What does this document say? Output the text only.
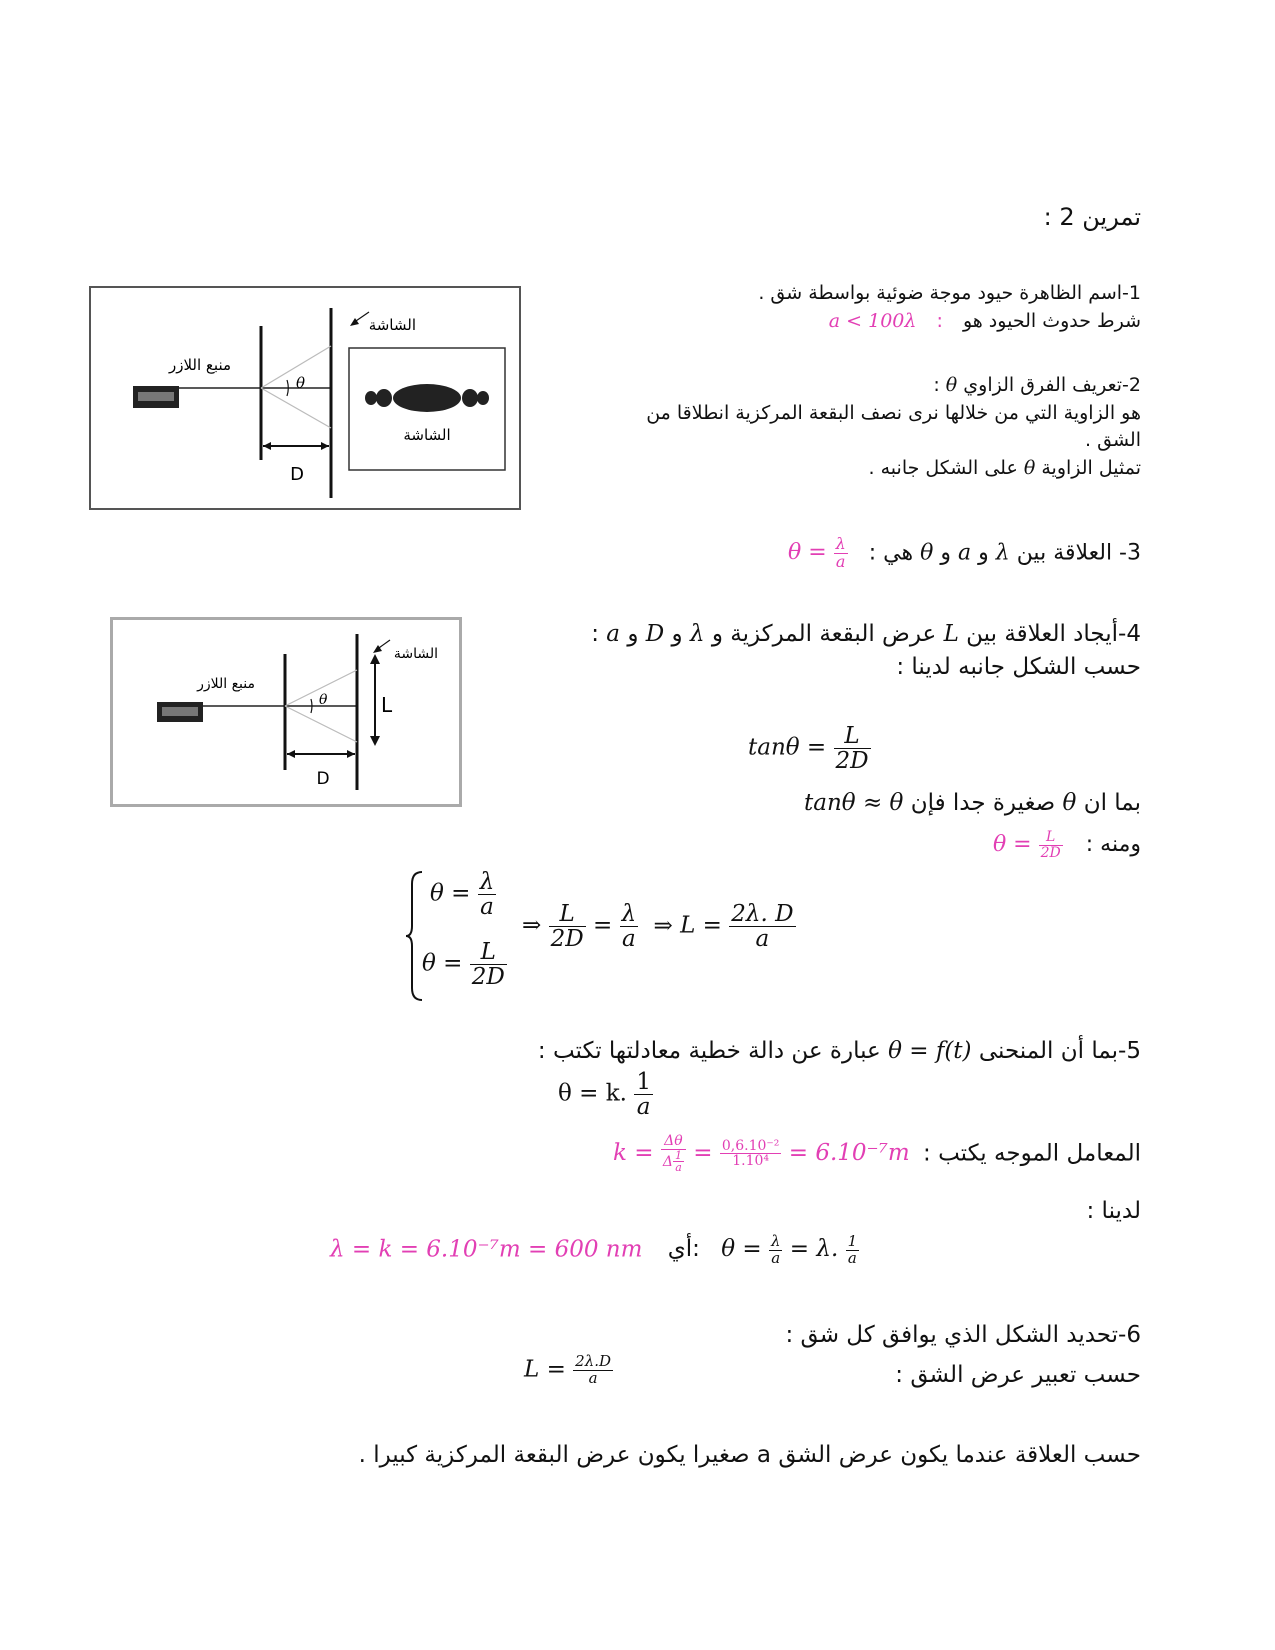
تمرين 2 :
1-اسم الظاهرة حيود موجة ضوئية بواسطة شق .
شرط حدوث الحيود هو : a < 100λ
2-تعريف الفرق الزاوي θ :
هو الزاوية التي من خلالها نرى نصف البقعة المركزية انطلاقا من
الشق .
تمثيل الزاوية θ على الشكل جانبه .
θ
D
منبع اللازر
الشاشة
الشاشة
3- العلاقة بين λ و a و θ هي : $\theta = \frac{\lambda}{a}$
4-أيجاد العلاقة بين L عرض البقعة المركزية و λ و D و a :
حسب الشكل جانبه لدينا :
θ	L
D
منبع اللازر
الشاشة
$\tan\theta = \frac{L}{2D}$
بما ان θ صغيرة جدا فإن tanθ ≈ θ
ومنه : $\theta = \frac{L}{2D}$
$\theta = \frac{\lambda}{a}$
$\theta = \frac{L}{2D}$
⇒ $\frac{L}{2D} = \frac{\lambda}{a}$ ⇒ $L = \frac{2\lambda. D}{a}$
5-بما أن المنحنى θ = f(t) عبارة عن دالة خطية معادلتها تكتب :
θ = k. $\frac{1}{a}$
المعامل الموجه يكتب : $k = \frac{\Delta\theta}{\Delta \frac{1}{a}} = \frac{\text{0,6.10⁻²}}{\text{1.10⁴}} = 6.10^{-7}m$
لدينا :
λ = k = 6.10⁻⁷m = 600 nm أي: $\theta = \frac{\lambda}{a} = \lambda$. $\frac{1}{a}$
6-تحديد الشكل الذي يوافق كل شق :
حسب تعبير عرض الشق :
$L = \frac{2\lambda.D}{a}$
حسب العلاقة عندما يكون عرض الشق a صغيرا يكون عرض البقعة المركزية كبيرا .
